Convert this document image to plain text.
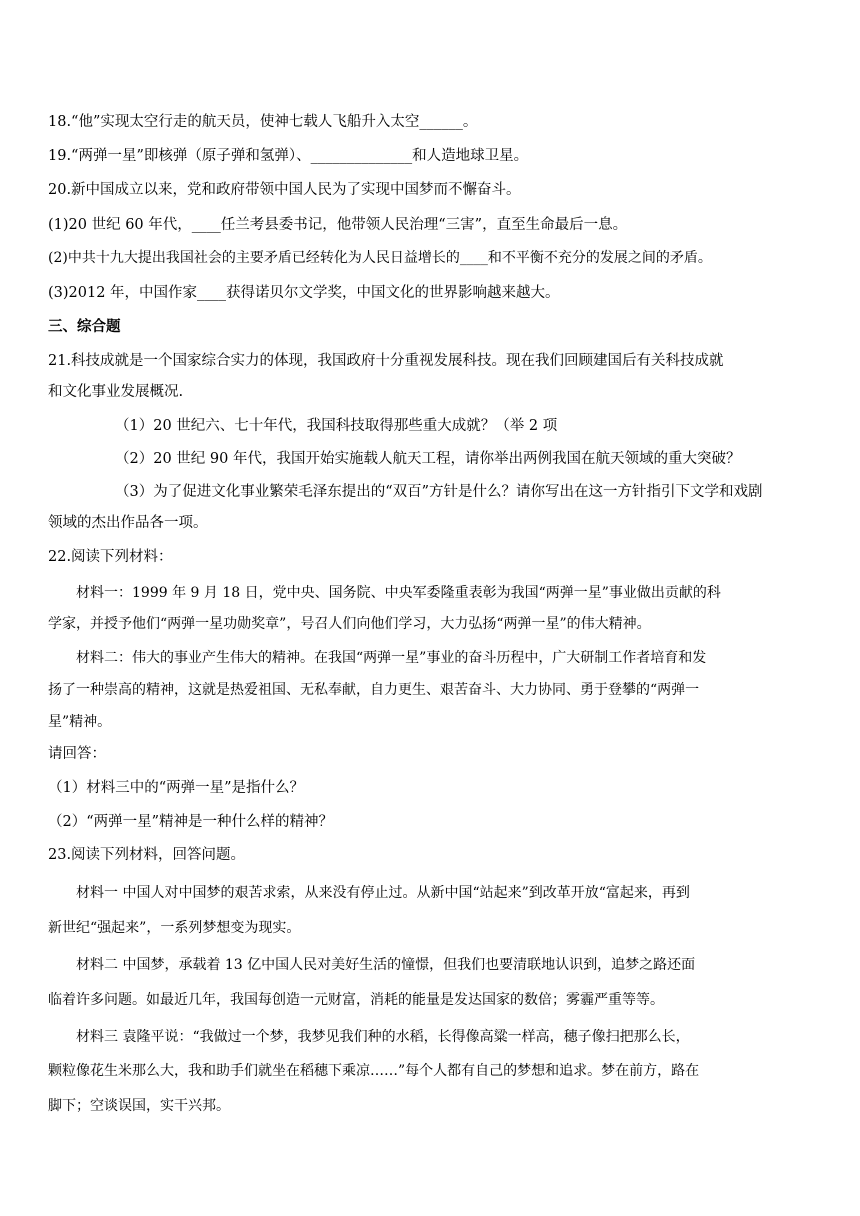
18.“他”实现太空行走的航天员，使神七载人飞船升入太空______。
19.“两弹一星”即核弹（原子弹和氢弹）、______________和人造地球卫星。
20.新中国成立以来，党和政府带领中国人民为了实现中国梦而不懈奋斗。
(1)20 世纪 60 年代，____任兰考县委书记，他带领人民治理“三害”，直至生命最后一息。
(2)中共十九大提出我国社会的主要矛盾已经转化为人民日益增长的____和不平衡不充分的发展之间的矛盾。
(3)2012 年，中国作家____获得诺贝尔文学奖，中国文化的世界影响越来越大。
三、综合题
21.科技成就是一个国家综合实力的体现，我国政府十分重视发展科技。现在我们回顾建国后有关科技成就
和文化事业发展概况.
（1）20 世纪六、七十年代，我国科技取得那些重大成就？（举 2 项
（2）20 世纪 90 年代，我国开始实施载人航天工程，请你举出两例我国在航天领域的重大突破？
（3）为了促进文化事业繁荣毛泽东提出的“双百”方针是什么？请你写出在这一方针指引下文学和戏剧
领域的杰出作品各一项。
22.阅读下列材料：
材料一：1999 年 9 月 18 日，党中央、国务院、中央军委隆重表彰为我国“两弹一星”事业做出贡献的科
学家，并授予他们“两弹一星功勋奖章”，号召人们向他们学习，大力弘扬“两弹一星”的伟大精神。
材料二：伟大的事业产生伟大的精神。在我国“两弹一星”事业的奋斗历程中，广大研制工作者培育和发
扬了一种崇高的精神，这就是热爱祖国、无私奉献，自力更生、艰苦奋斗、大力协同、勇于登攀的“两弹一
星”精神。
请回答：
（1）材料三中的“两弹一星”是指什么？
（2）“两弹一星”精神是一种什么样的精神？
23.阅读下列材料，回答问题。
材料一 中国人对中国梦的艰苦求索，从来没有停止过。从新中国“站起来”到改革开放“富起来，再到
新世纪“强起来”，一系列梦想变为现实。
材料二 中国梦，承载着 13 亿中国人民对美好生活的憧憬，但我们也要清联地认识到，追梦之路还面
临着许多问题。如最近几年，我国每创造一元财富，消耗的能量是发达国家的数倍；雾霾严重等等。
材料三 袁隆平说：“我做过一个梦，我梦见我们种的水稻，长得像高粱一样高，穗子像扫把那么长，
颗粒像花生米那么大，我和助手们就坐在稻穗下乘凉……”每个人都有自己的梦想和追求。梦在前方，路在
脚下；空谈误国，实干兴邦。
